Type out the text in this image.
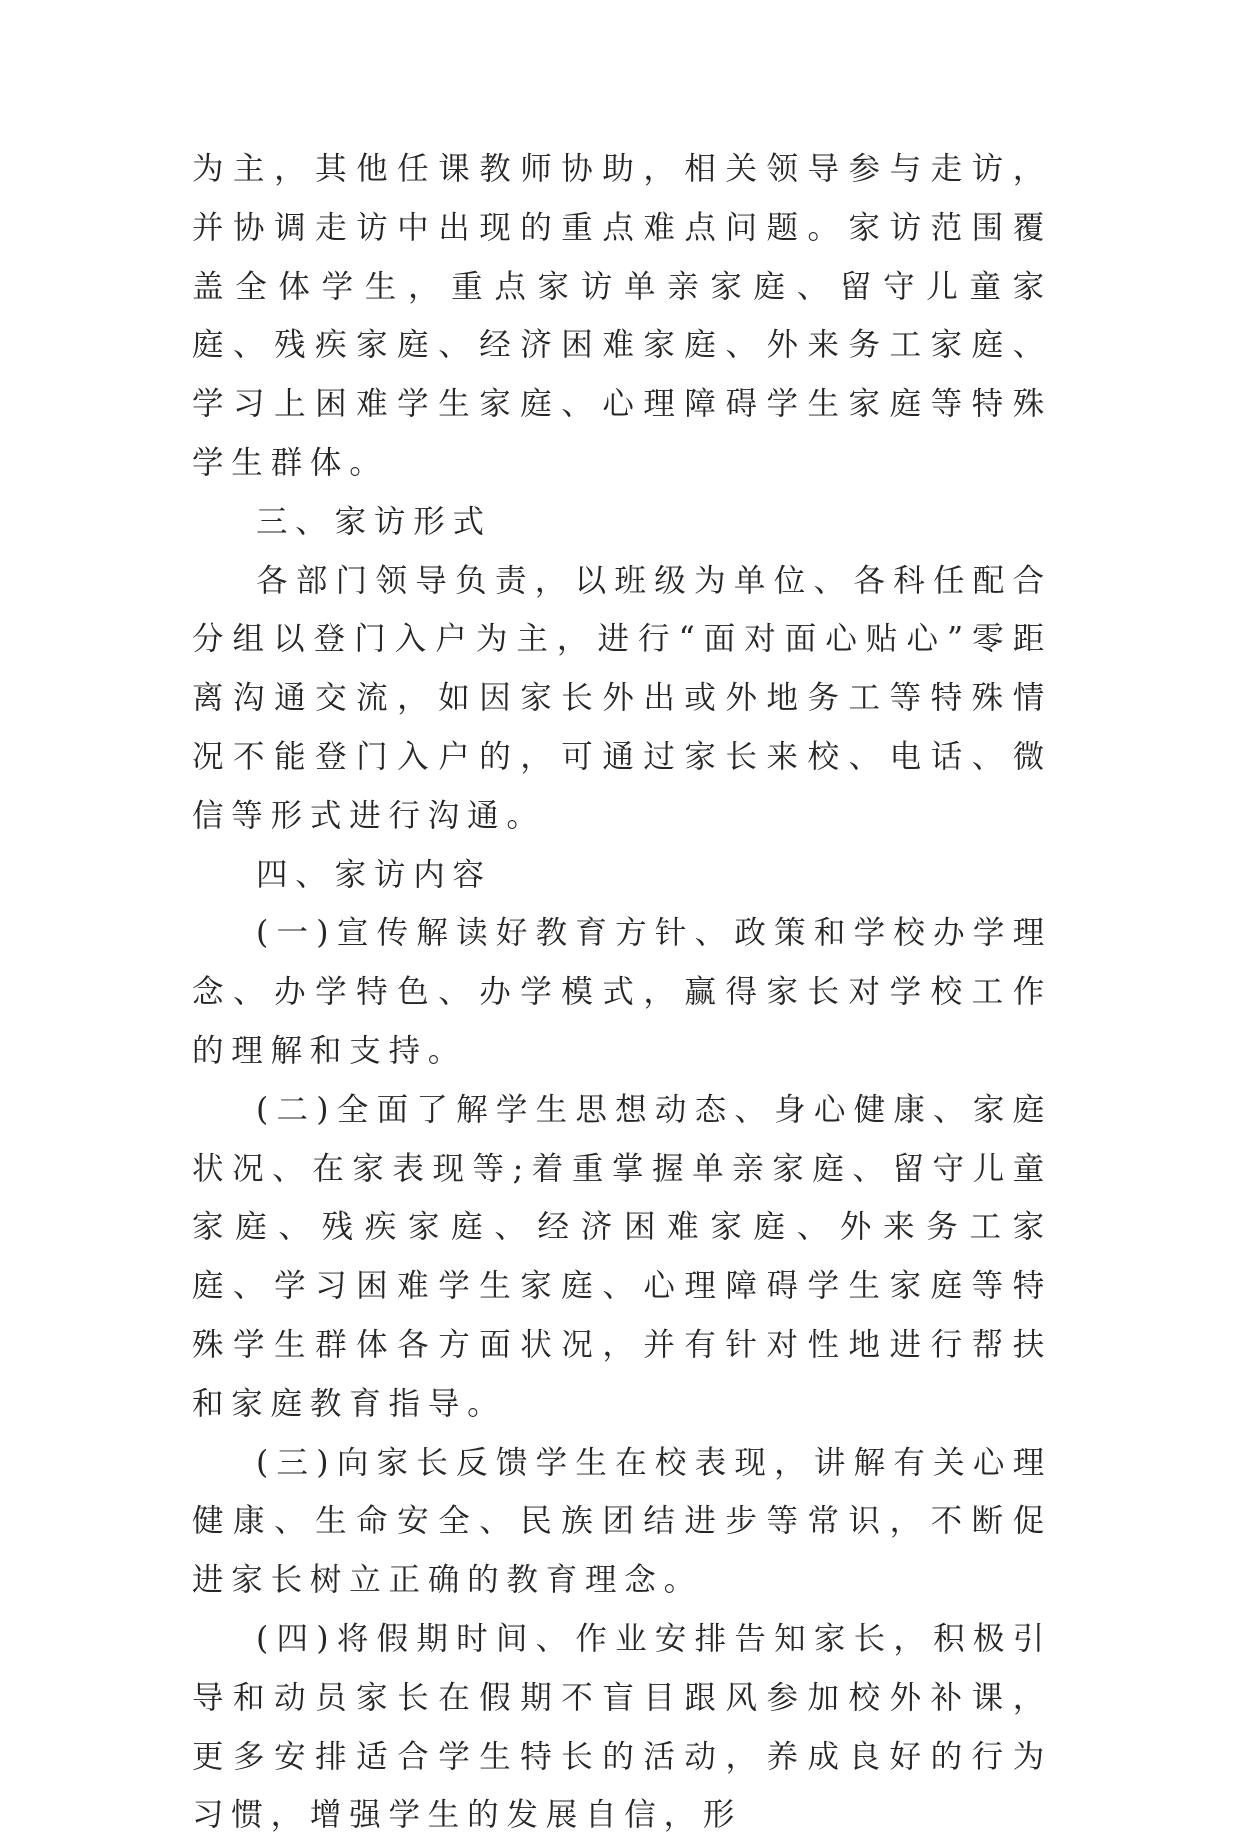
为主，其他任课教师协助，相关领导参与走访，并协调走访中出现的重点难点问题。家访范围覆盖全体学生，重点家访单亲家庭、留守儿童家庭、残疾家庭、经济困难家庭、外来务工家庭、学习上困难学生家庭、心理障碍学生家庭等特殊学生群体。

三、家访形式

各部门领导负责，以班级为单位、各科任配合分组以登门入户为主，进行“面对面心贴心”零距离沟通交流，如因家长外出或外地务工等特殊情况不能登门入户的，可通过家长来校、电话、微信等形式进行沟通。

四、家访内容

(一)宣传解读好教育方针、政策和学校办学理念、办学特色、办学模式，赢得家长对学校工作的理解和支持。

(二)全面了解学生思想动态、身心健康、家庭状况、在家表现等;着重掌握单亲家庭、留守儿童家庭、残疾家庭、经济困难家庭、外来务工家庭、学习困难学生家庭、心理障碍学生家庭等特殊学生群体各方面状况，并有针对性地进行帮扶和家庭教育指导。

(三)向家长反馈学生在校表现，讲解有关心理健康、生命安全、民族团结进步等常识，不断促进家长树立正确的教育理念。

(四)将假期时间、作业安排告知家长，积极引导和动员家长在假期不盲目跟风参加校外补课，更多安排适合学生特长的活动，养成良好的行为习惯，增强学生的发展自信，形
